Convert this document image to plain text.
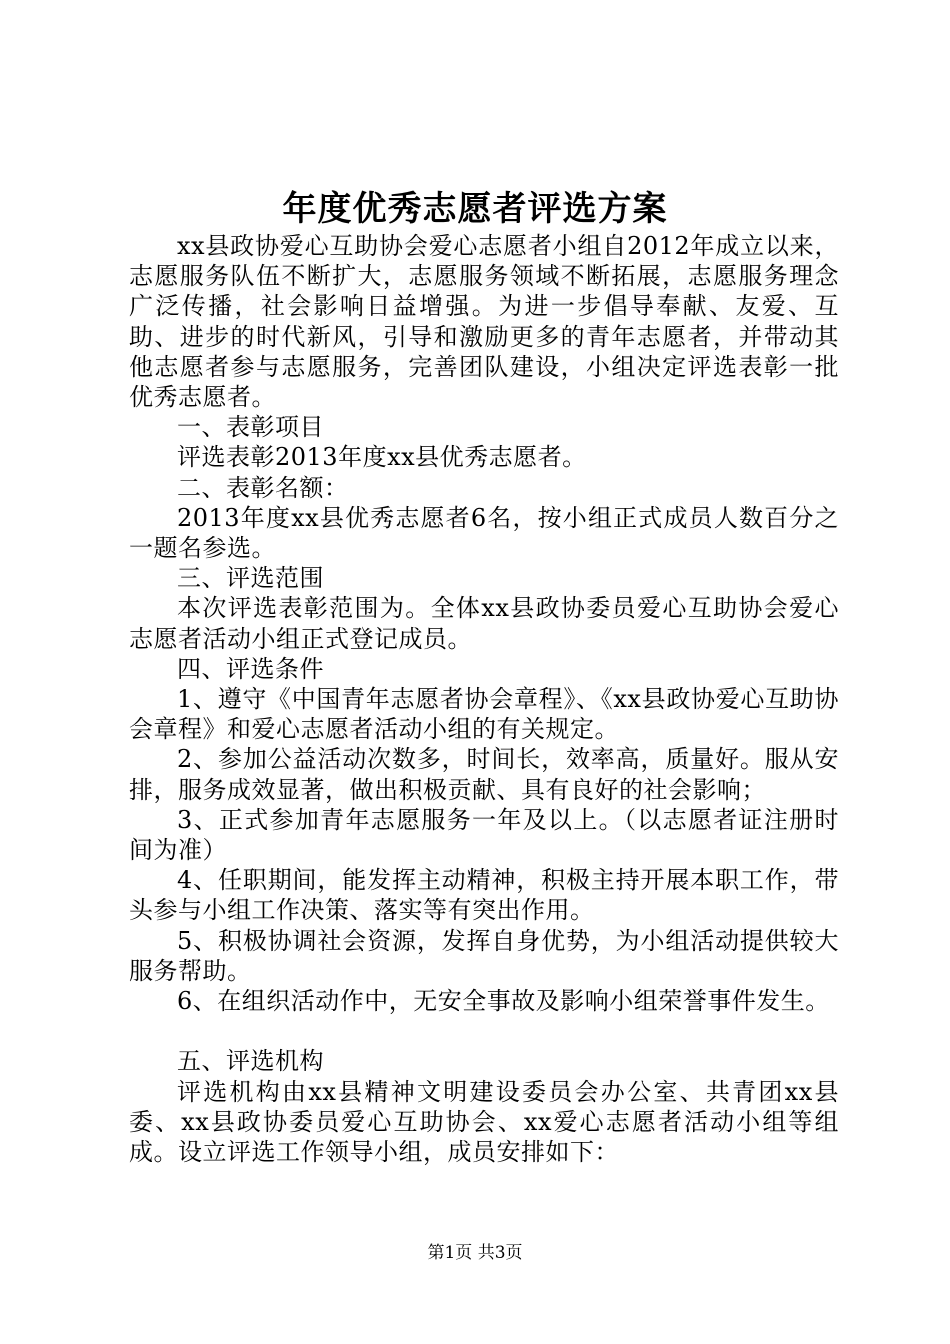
年度优秀志愿者评选方案

xx县政协爱心互助协会爱心志愿者小组自2012年成立以来，志愿服务队伍不断扩大，志愿服务领域不断拓展，志愿服务理念广泛传播，社会影响日益增强。为进一步倡导奉献、友爱、互助、进步的时代新风，引导和激励更多的青年志愿者，并带动其他志愿者参与志愿服务，完善团队建设，小组决定评选表彰一批优秀志愿者。

一、表彰项目

评选表彰2013年度xx县优秀志愿者。

二、表彰名额：

2013年度xx县优秀志愿者6名，按小组正式成员人数百分之一题名参选。

三、评选范围

本次评选表彰范围为。全体xx县政协委员爱心互助协会爱心志愿者活动小组正式登记成员。

四、评选条件

1、遵守《中国青年志愿者协会章程》、《xx县政协爱心互助协会章程》和爱心志愿者活动小组的有关规定。

2、参加公益活动次数多，时间长，效率高，质量好。服从安排，服务成效显著，做出积极贡献、具有良好的社会影响；

3、正式参加青年志愿服务一年及以上。（以志愿者证注册时间为准）

4、任职期间，能发挥主动精神，积极主持开展本职工作，带头参与小组工作决策、落实等有突出作用。

5、积极协调社会资源，发挥自身优势，为小组活动提供较大服务帮助。

6、在组织活动作中，无安全事故及影响小组荣誉事件发生。

五、评选机构

评选机构由xx县精神文明建设委员会办公室、共青团xx县委、xx县政协委员爱心互助协会、xx爱心志愿者活动小组等组成。设立评选工作领导小组，成员安排如下：

第1页 共3页
